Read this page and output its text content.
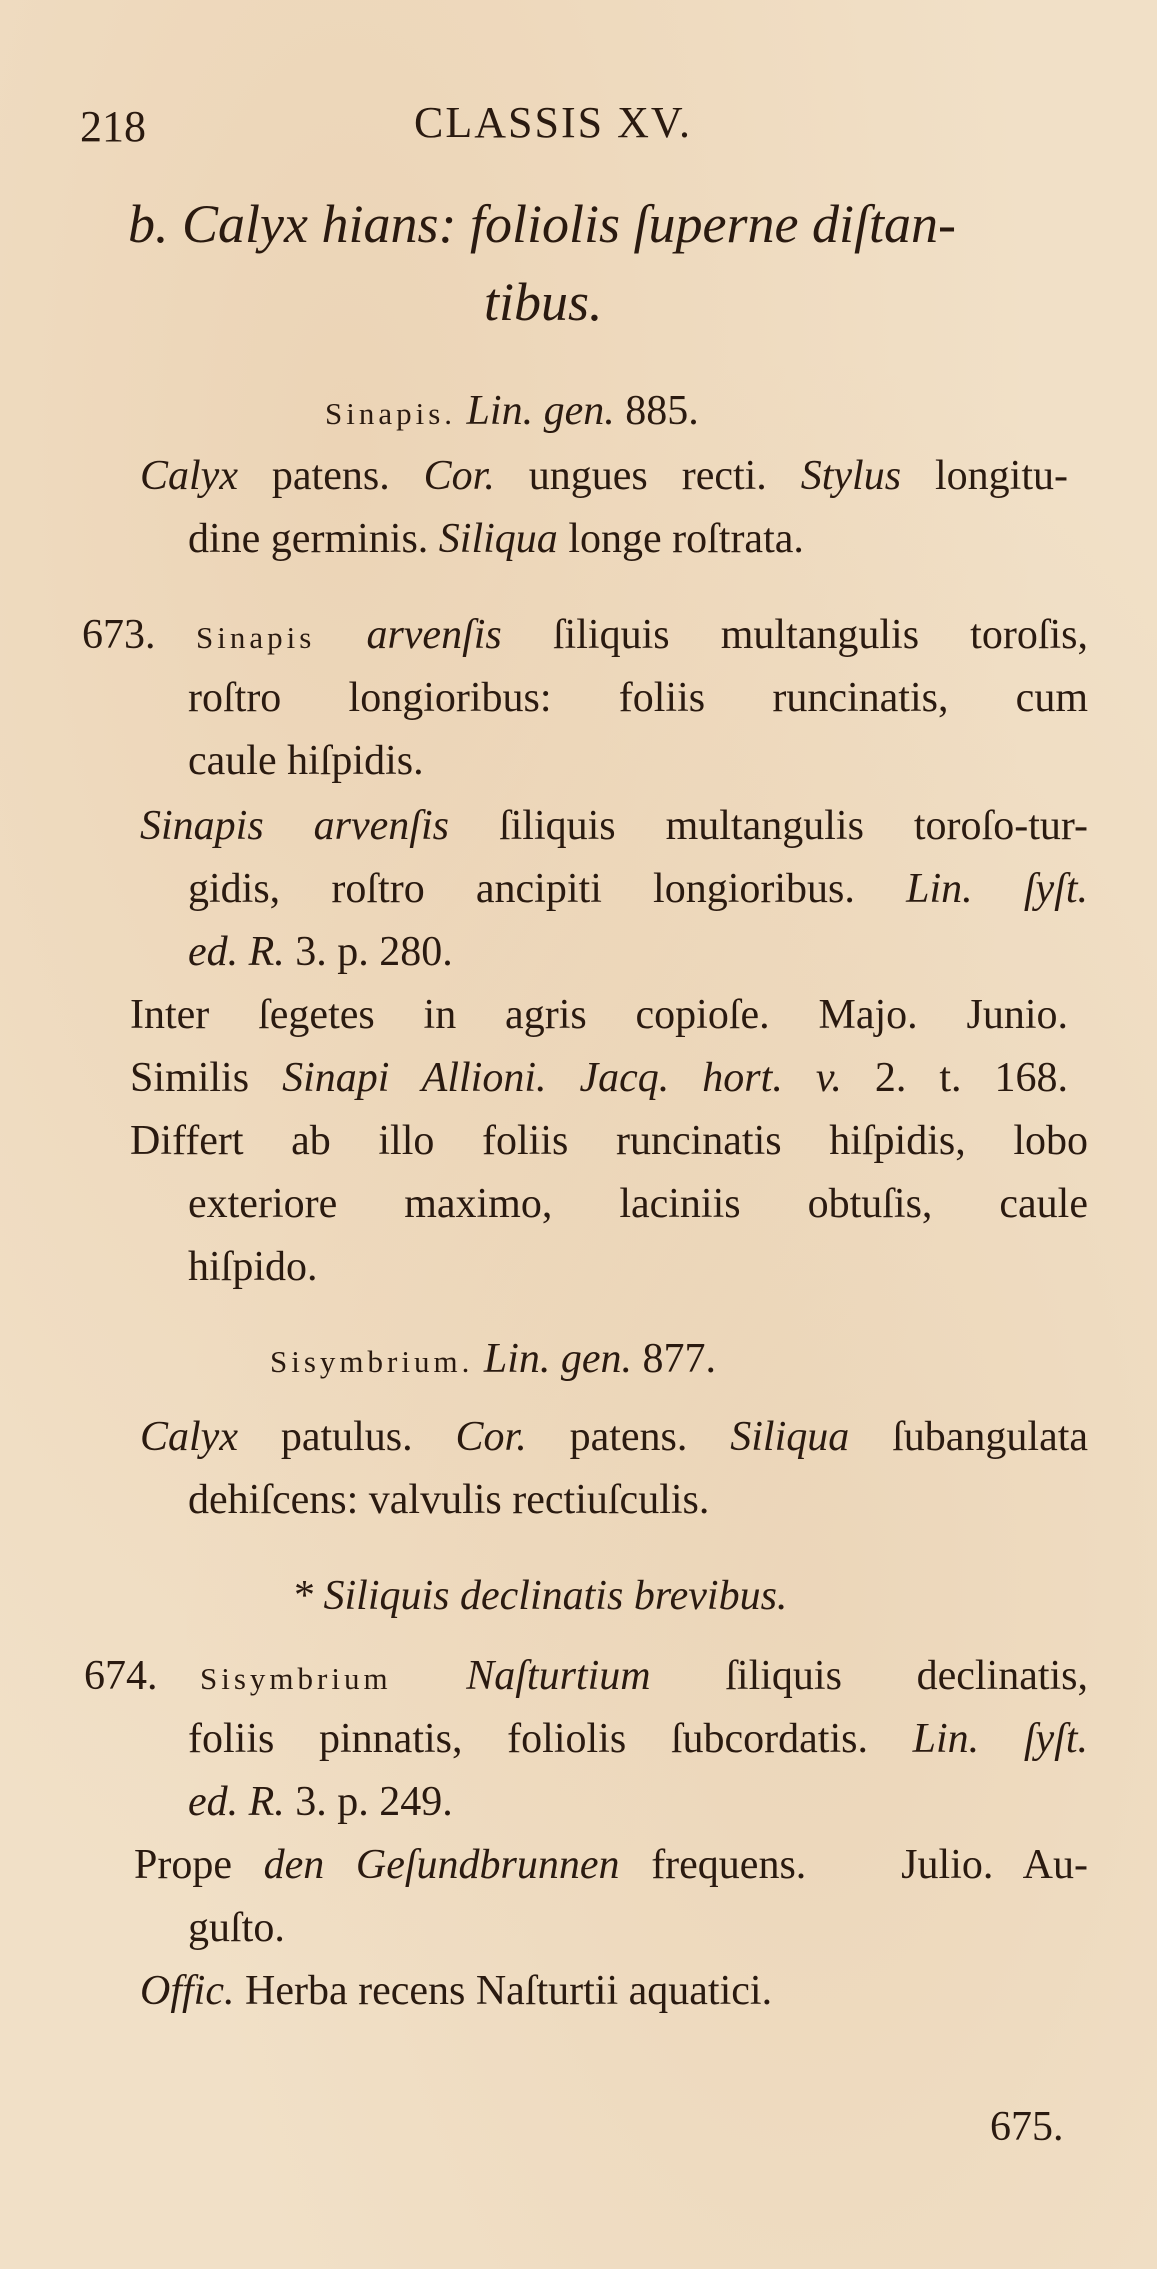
218	CLASSIS XV.
b. Calyx hians: foliolis ſuperne diſtan-
tibus.
Sinapis. Lin. gen. 885.
Calyx patens. Cor. ungues recti. Stylus longitu-
dine germinis. Siliqua longe roſtrata.
673. Sinapis arvenſis ſiliquis multangulis toroſis,
roſtro longioribus: foliis runcinatis, cum
caule hiſpidis.
Sinapis arvenſis ſiliquis multangulis toroſo-tur-
gidis, roſtro ancipiti longioribus. Lin. ſyſt.
ed. R. 3. p. 280.
Inter ſegetes in agris copioſe. Majo. Junio.
Similis Sinapi Allioni. Jacq. hort. v. 2. t. 168.
Differt ab illo foliis runcinatis hiſpidis, lobo
exteriore maximo, laciniis obtuſis, caule
hiſpido.
Sisymbrium. Lin. gen. 877.
Calyx patulus. Cor. patens. Siliqua ſubangulata
dehiſcens: valvulis rectiuſculis.
* Siliquis declinatis brevibus.
674. Sisymbrium Naſturtium ſiliquis declinatis,
foliis pinnatis, foliolis ſubcordatis. Lin. ſyſt.
ed. R. 3. p. 249.
Prope den Geſundbrunnen frequens.   Julio. Au-
guſto.
Offic. Herba recens Naſturtii aquatici.
675.
